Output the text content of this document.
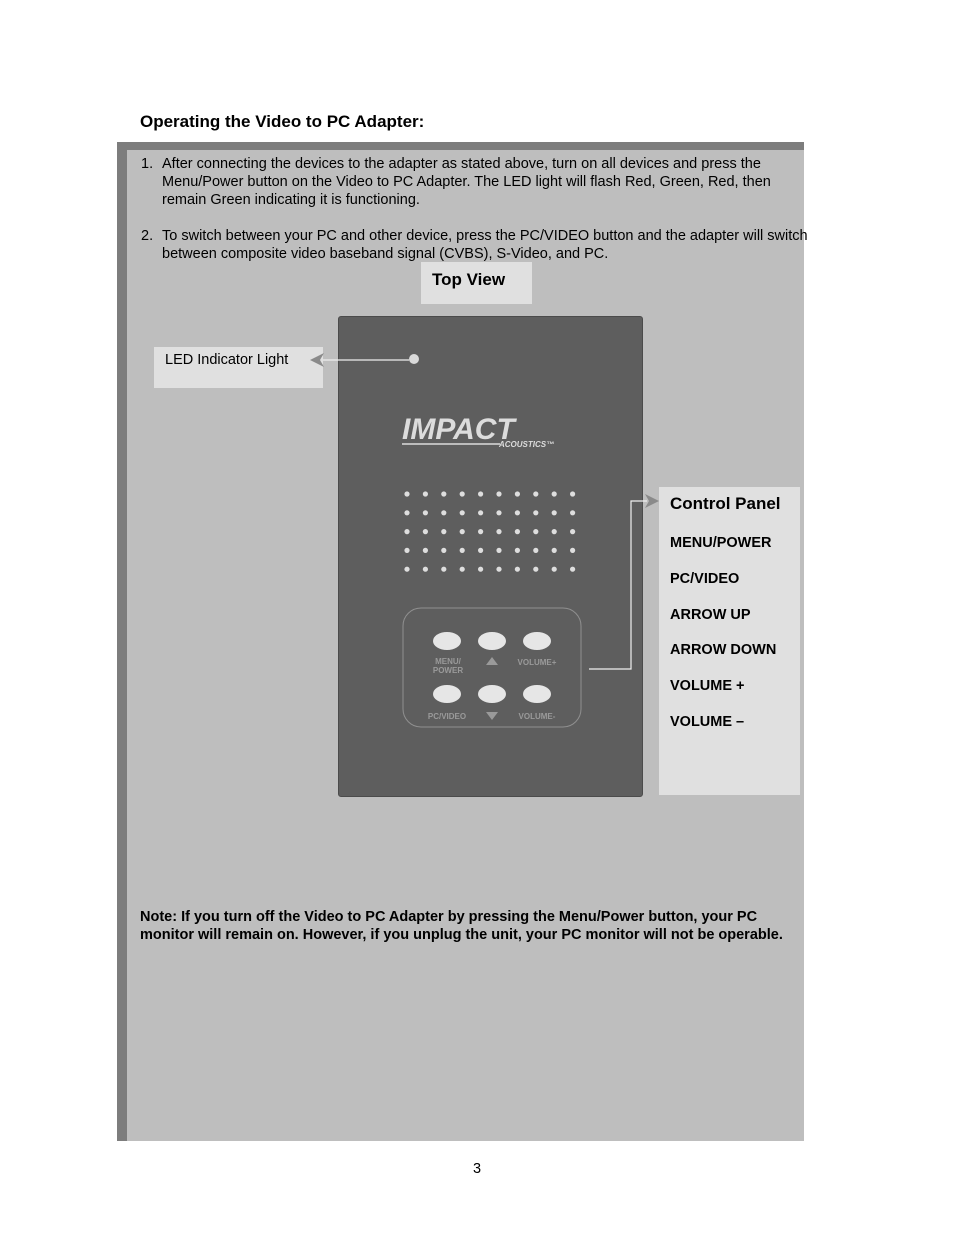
Operating the Video to PC Adapter:
1. After connecting the devices to the adapter as stated above, turn on all devices and press the Menu/Power button on the Video to PC Adapter. The LED light will flash Red, Green, Red, then remain Green indicating it is functioning.
2. To switch between your PC and other device, press the PC/VIDEO button and the adapter will switch between composite video baseband signal (CVBS), S-Video, and PC.
Top View
LED Indicator Light
IMPACT
ACOUSTICS™
MENU/
POWER
VOLUME+
PC/VIDEO	VOLUME-
Control Panel
MENU/POWER
PC/VIDEO
ARROW UP
ARROW DOWN
VOLUME +
VOLUME –
Note: If you turn off the Video to PC Adapter by pressing the Menu/Power button, your PC monitor will remain on. However, if you unplug the unit, your PC monitor will not be operable.
3
